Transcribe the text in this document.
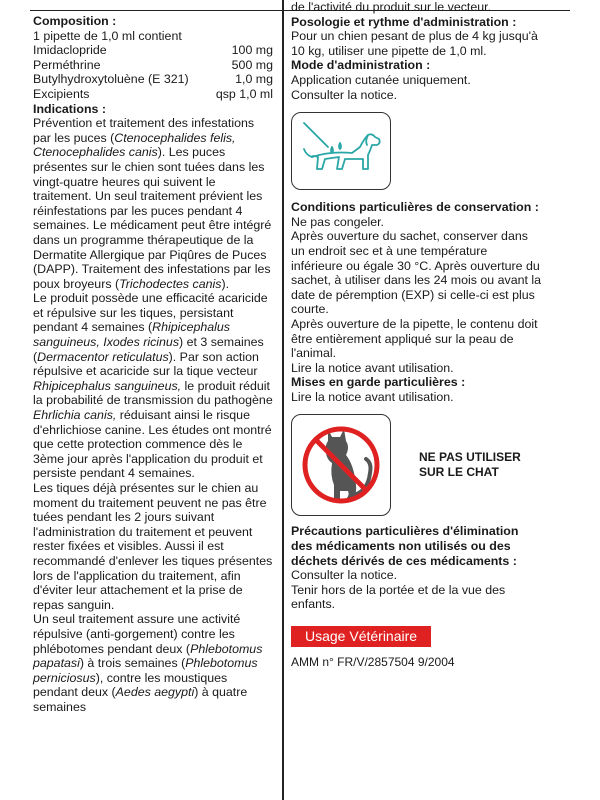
Composition :

1 pipette de 1,0 ml contient

Imidaclopride	100 mg
Perméthrine	500 mg
Butylhydroxytoluène (E 321)	1,0 mg
Excipients	qsp 1,0 ml

Indications :

Prévention et traitement des infestations par les puces (Ctenocephalides felis, Ctenocephalides canis). Les puces présentes sur le chien sont tuées dans les vingt-quatre heures qui suivent le traitement. Un seul traitement prévient les réinfestations par les puces pendant 4 semaines. Le médicament peut être intégré dans un programme thérapeutique de la Dermatite Allergique par Piqûres de Puces (DAPP). Traitement des infestations par les poux broyeurs (Trichodectes canis).

Le produit possède une efficacité acaricide et répulsive sur les tiques, persistant pendant 4 semaines (Rhipicephalus sanguineus, Ixodes ricinus) et 3 semaines (Dermacentor reticulatus). Par son action répulsive et acaricide sur la tique vecteur Rhipicephalus sanguineus, le produit réduit la probabilité de transmission du pathogène Ehrlichia canis, réduisant ainsi le risque d'ehrlichiose canine. Les études ont montré que cette protection commence dès le 3ème jour après l'application du produit et persiste pendant 4 semaines.

Les tiques déjà présentes sur le chien au moment du traitement peuvent ne pas être tuées pendant les 2 jours suivant l'administration du traitement et peuvent rester fixées et visibles. Aussi il est recommandé d'enlever les tiques présentes lors de l'application du traitement, afin d'éviter leur attachement et la prise de repas sanguin.

Un seul traitement assure une activité répulsive (anti-gorgement) contre les phlébotomes pendant deux (Phlebotomus papatasi) à trois semaines (Phlebotomus perniciosus), contre les moustiques pendant deux (Aedes aegypti) à quatre semaines

de l'activité du produit sur le vecteur.

Posologie et rythme d'administration :

Pour un chien pesant de plus de 4 kg jusqu'à 10 kg, utiliser une pipette de 1,0 ml.

Mode d'administration :

Application cutanée uniquement.

Consulter la notice.

Conditions particulières de conservation :

Ne pas congeler.

Après ouverture du sachet, conserver dans un endroit sec et à une température inférieure ou égale 30 °C. Après ouverture du sachet, à utiliser dans les 24 mois ou avant la date de péremption (EXP) si celle-ci est plus courte.

Après ouverture de la pipette, le contenu doit être entièrement appliqué sur la peau de l'animal.

Lire la notice avant utilisation.

Mises en garde particulières :

Lire la notice avant utilisation.

NE PAS UTILISER
SUR LE CHAT

Précautions particulières d'élimination des médicaments non utilisés ou des déchets dérivés de ces médicaments :

Consulter la notice.

Tenir hors de la portée et de la vue des enfants.

Usage Vétérinaire

AMM n° FR/V/2857504 9/2004
